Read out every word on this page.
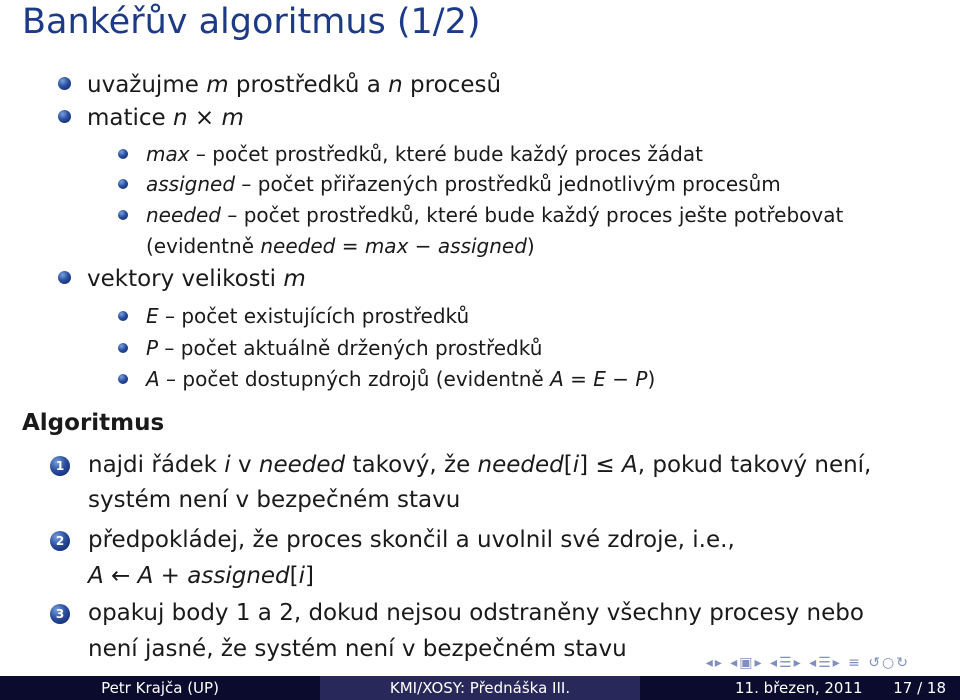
Bankéřův algoritmus (1/2)
uvažujme m prostředků a n procesů
matice n × m
max – počet prostředků, které bude každý proces žádat
assigned – počet přiřazených prostředků jednotlivým procesům
needed – počet prostředků, které bude každý proces ješte potřebovat
(evidentně needed = max − assigned)
vektory velikosti m
E – počet existujících prostředků
P – počet aktuálně držených prostředků
A – počet dostupných zdrojů (evidentně A = E − P)
Algoritmus
1 najdi řádek i v needed takový, že needed[i] ≤ A, pokud takový není,
systém není v bezpečném stavu
2 předpokládej, že proces skončil a uvolnil své zdroje, i.e.,
A ← A + assigned[i]
3 opakuj body 1 a 2, dokud nejsou odstraněny všechny procesy nebo
není jasné, že systém není v bezpečném stavu
◂▸ ◂▣▸ ◂☰▸ ◂☰▸ ≡ ↺○↻
Petr Krajča (UP)	KMI/XOSY: Přednáška III.	11. březen, 2011 17 / 18
